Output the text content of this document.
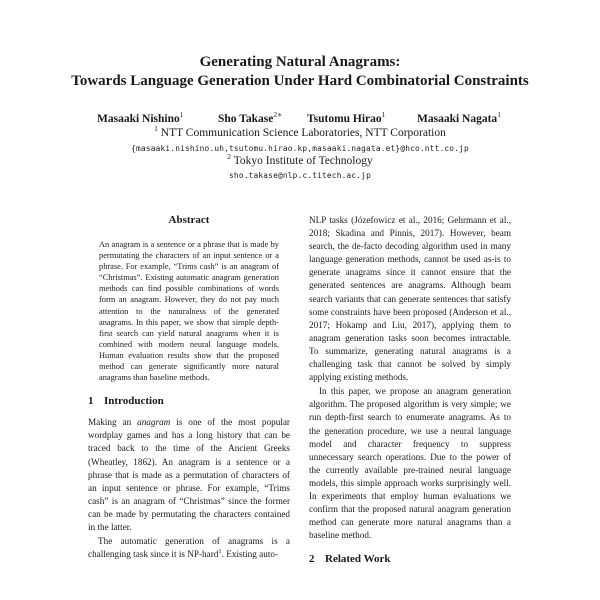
Generating Natural Anagrams:
Towards Language Generation Under Hard Combinatorial Constraints
Masaaki Nishino$^1$	Sho Takase$^{2∗}$ Tsutomu Hirao$^1$	Masaaki Nagata$^1$
$^1$ NTT Communication Science Laboratories, NTT Corporation
{masaaki.nishino.uh,tsutomu.hirao.kp,masaaki.nagata.et}@hco.ntt.co.jp
$^2$ Tokyo Institute of Technology
sho.takase@nlp.c.titech.ac.jp
Abstract

An anagram is a sentence or a phrase that is made by permutating the characters of an input sentence or a phrase. For example, “Trims cash” is an anagram of “Christmas”. Existing automatic anagram generation methods can find possible combinations of words form an anagram. However, they do not pay much attention to the naturalness of the generated anagrams. In this paper, we show that simple depth-first search can yield natural anagrams when it is combined with modern neural language models. Human evaluation results show that the proposed method can generate significantly more natural anagrams than baseline methods.

1 Introduction

Making an anagram is one of the most popular wordplay games and has a long history that can be traced back to the time of the Ancient Greeks (Wheatley, 1862). An anagram is a sentence or a phrase that is made as a permutation of characters of an input sentence or phrase. For example, “Trims cash” is an anagram of “Christmas” since the former can be made by permutating the characters contained in the latter.

The automatic generation of anagrams is a challenging task since it is NP-hard$^1$. Existing auto-

NLP tasks (Józefowicz et al., 2016; Gehrmann et al., 2018; Skadina and Pinnis, 2017). However, beam search, the de-facto decoding algorithm used in many language generation methods, cannot be used as-is to generate anagrams since it cannot ensure that the generated sentences are anagrams. Although beam search variants that can generate sentences that satisfy some constraints have been proposed (Anderson et al., 2017; Hokamp and Liu, 2017), applying them to anagram generation tasks soon becomes intractable. To summarize, generating natural anagrams is a challenging task that cannot be solved by simply applying existing methods.

In this paper, we propose an anagram generation algorithm. The proposed algorithm is very simple; we run depth-first search to enumerate anagrams. As to the generation procedure, we use a neural language model and character frequency to suppress unnecessary search operations. Due to the power of the currently available pre-trained neural language models, this simple approach works surprisingly well. In experiments that employ human evaluations we confirm that the proposed natural anagram generation method can generate more natural anagrams than a baseline method.

2 Related Work
